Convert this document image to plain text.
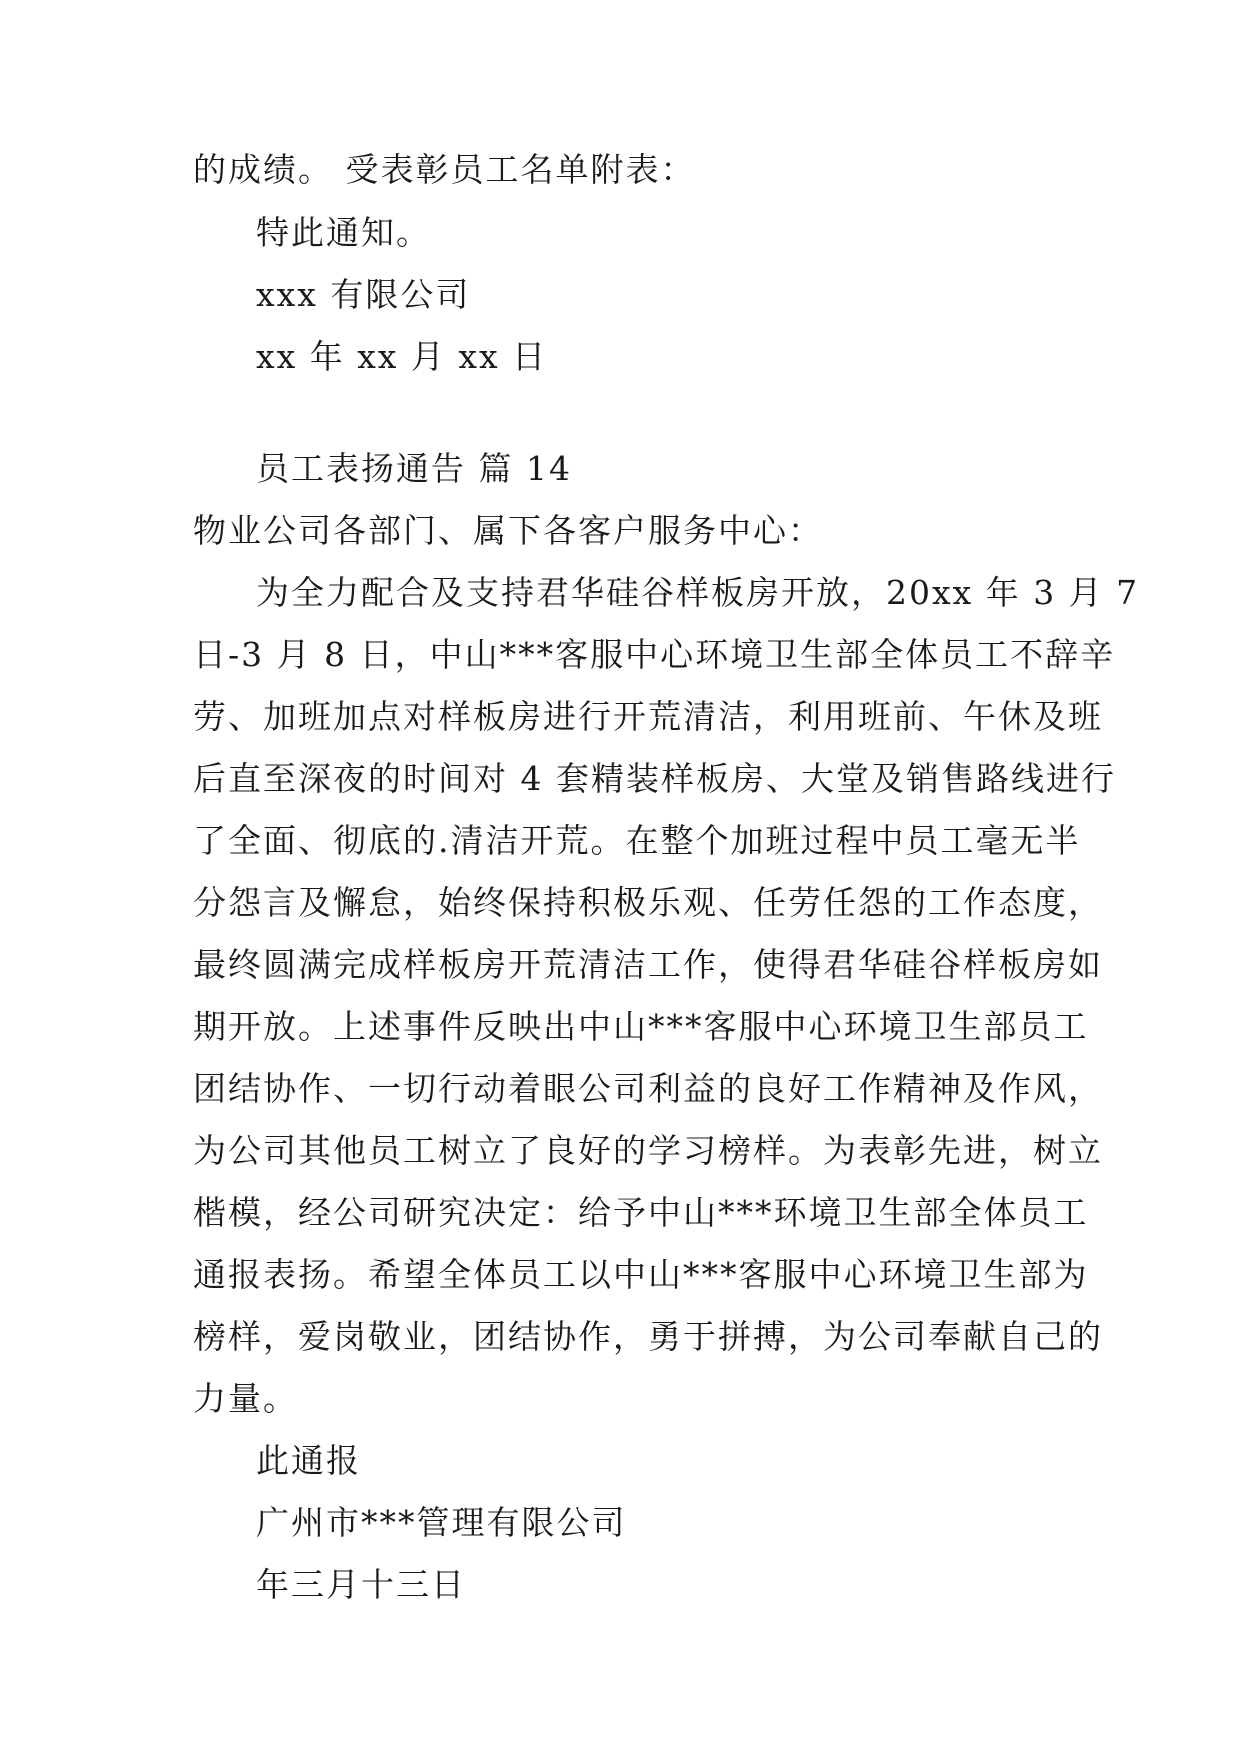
的成绩。 受表彰员工名单附表：
特此通知。
xxx 有限公司
xx 年 xx 月 xx 日
员工表扬通告 篇 14
物业公司各部门、属下各客户服务中心：
为全力配合及支持君华硅谷样板房开放，20xx 年 3 月 7
日-3 月 8 日，中山***客服中心环境卫生部全体员工不辞辛
劳、加班加点对样板房进行开荒清洁，利用班前、午休及班
后直至深夜的时间对 4 套精装样板房、大堂及销售路线进行
了全面、彻底的.清洁开荒。在整个加班过程中员工毫无半
分怨言及懈怠，始终保持积极乐观、任劳任怨的工作态度，
最终圆满完成样板房开荒清洁工作，使得君华硅谷样板房如
期开放。上述事件反映出中山***客服中心环境卫生部员工
团结协作、一切行动着眼公司利益的良好工作精神及作风，
为公司其他员工树立了良好的学习榜样。为表彰先进，树立
楷模，经公司研究决定：给予中山***环境卫生部全体员工
通报表扬。希望全体员工以中山***客服中心环境卫生部为
榜样，爱岗敬业，团结协作，勇于拼搏，为公司奉献自己的
力量。
此通报
广州市***管理有限公司
年三月十三日
